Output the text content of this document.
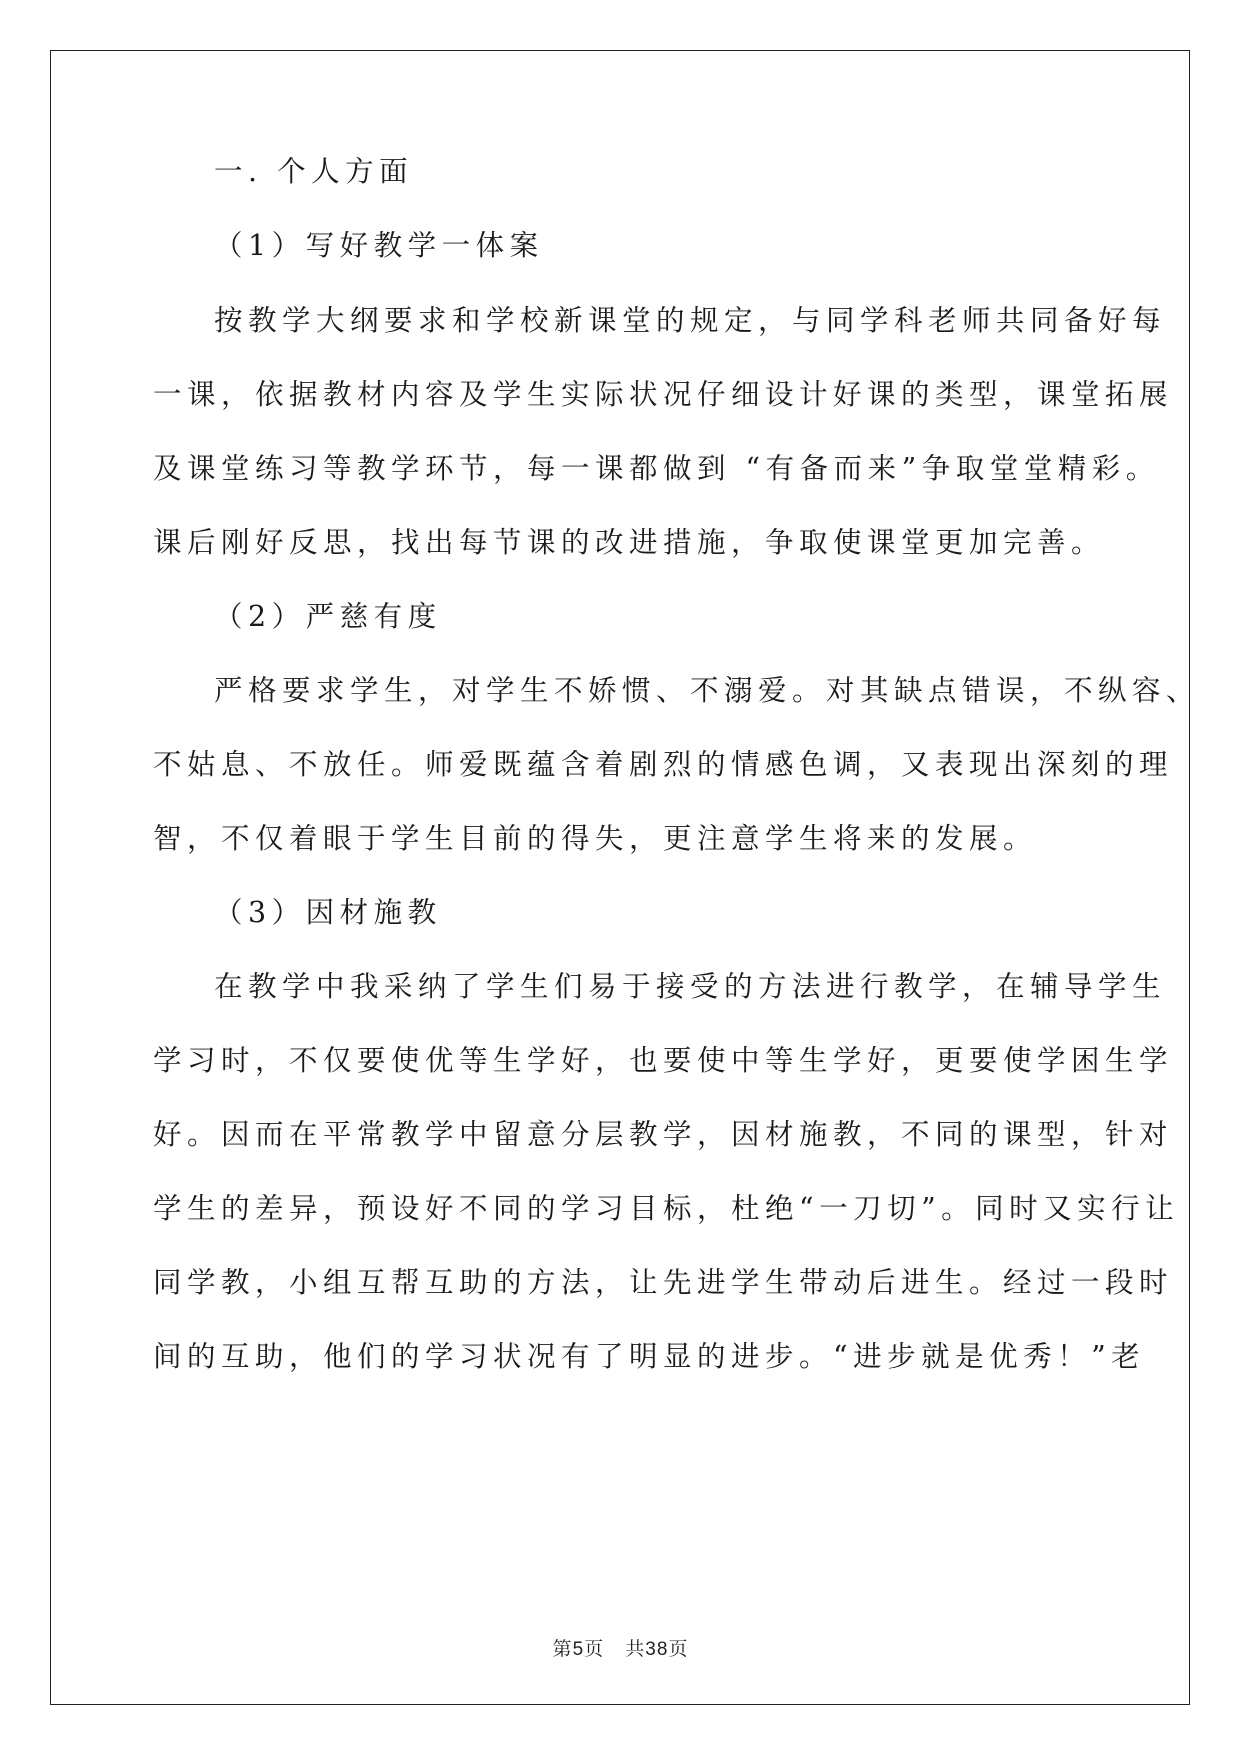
一. 个人方面
（1）写好教学一体案
按教学大纲要求和学校新课堂的规定，与同学科老师共同备好每
一课，依据教材内容及学生实际状况仔细设计好课的类型，课堂拓展
及课堂练习等教学环节，每一课都做到 “有备而来”争取堂堂精彩。
课后刚好反思，找出每节课的改进措施，争取使课堂更加完善。
（2）严慈有度
严格要求学生，对学生不娇惯、不溺爱。对其缺点错误，不纵容、
不姑息、不放任。师爱既蕴含着剧烈的情感色调，又表现出深刻的理
智，不仅着眼于学生目前的得失，更注意学生将来的发展。
（3）因材施教
在教学中我采纳了学生们易于接受的方法进行教学，在辅导学生
学习时，不仅要使优等生学好，也要使中等生学好，更要使学困生学
好。因而在平常教学中留意分层教学，因材施教，不同的课型，针对
学生的差异，预设好不同的学习目标，杜绝“一刀切”。同时又实行让
同学教，小组互帮互助的方法，让先进学生带动后进生。经过一段时
间的互助，他们的学习状况有了明显的进步。“进步就是优秀！”老
第5页 共38页
